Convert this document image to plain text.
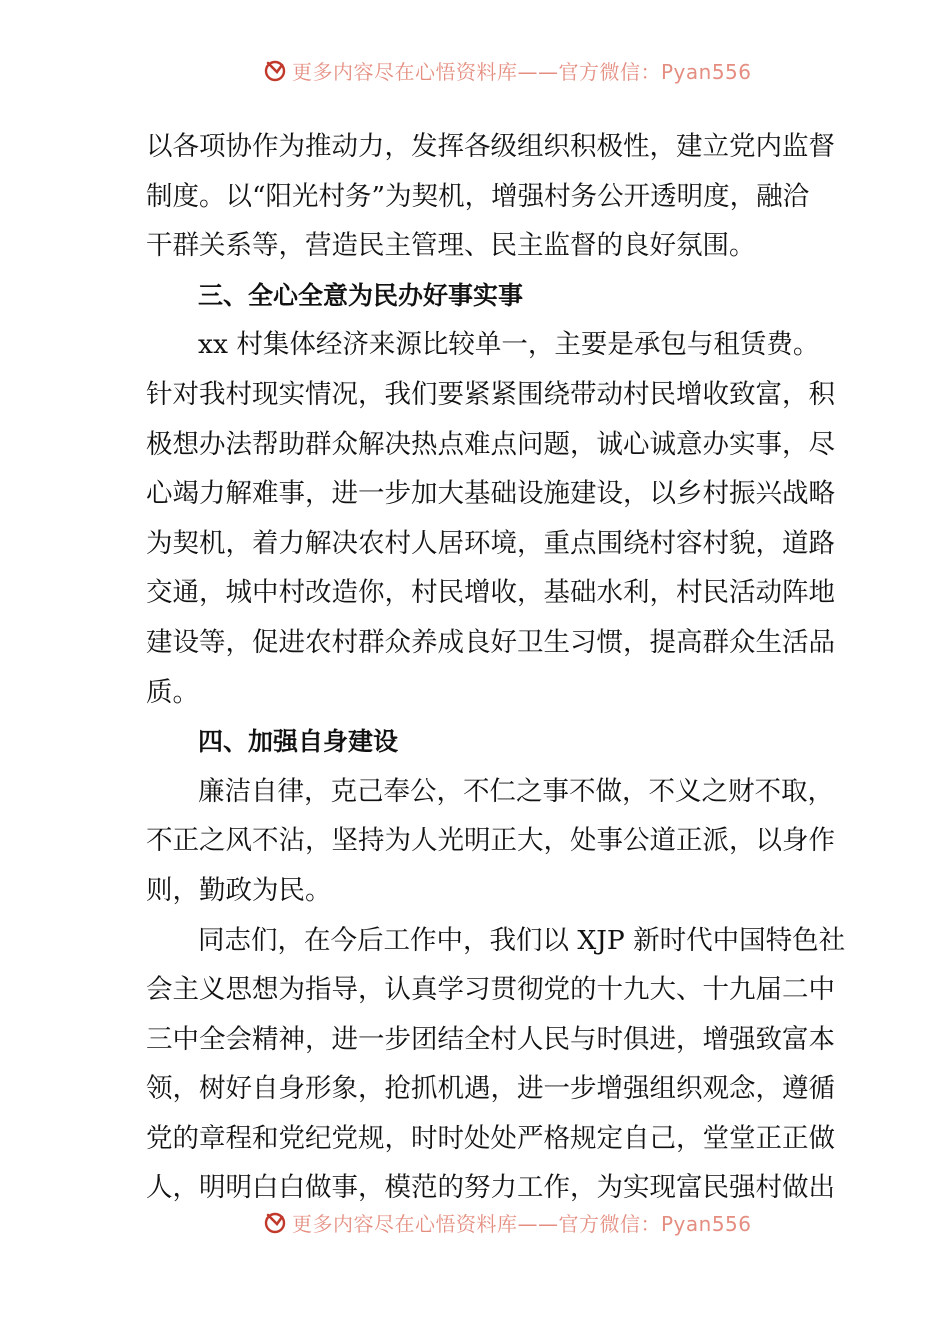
更多内容尽在心悟资料库——官方微信：Pyan556
以各项协作为推动力，发挥各级组织积极性，建立党内监督
制度。以“阳光村务”为契机，增强村务公开透明度，融洽
干群关系等，营造民主管理、民主监督的良好氛围。
三、全心全意为民办好事实事
xx 村集体经济来源比较单一，主要是承包与租赁费。
针对我村现实情况，我们要紧紧围绕带动村民增收致富，积
极想办法帮助群众解决热点难点问题，诚心诚意办实事，尽
心竭力解难事，进一步加大基础设施建设，以乡村振兴战略
为契机，着力解决农村人居环境，重点围绕村容村貌，道路
交通，城中村改造你，村民增收，基础水利，村民活动阵地
建设等，促进农村群众养成良好卫生习惯，提高群众生活品
质。
四、加强自身建设
廉洁自律，克己奉公，不仁之事不做，不义之财不取，
不正之风不沾，坚持为人光明正大，处事公道正派，以身作
则，勤政为民。
同志们，在今后工作中，我们以 XJP 新时代中国特色社
会主义思想为指导，认真学习贯彻党的十九大、十九届二中
三中全会精神，进一步团结全村人民与时俱进，增强致富本
领，树好自身形象，抢抓机遇，进一步增强组织观念，遵循
党的章程和党纪党规，时时处处严格规定自己，堂堂正正做
人，明明白白做事，模范的努力工作，为实现富民强村做出
更多内容尽在心悟资料库——官方微信：Pyan556
